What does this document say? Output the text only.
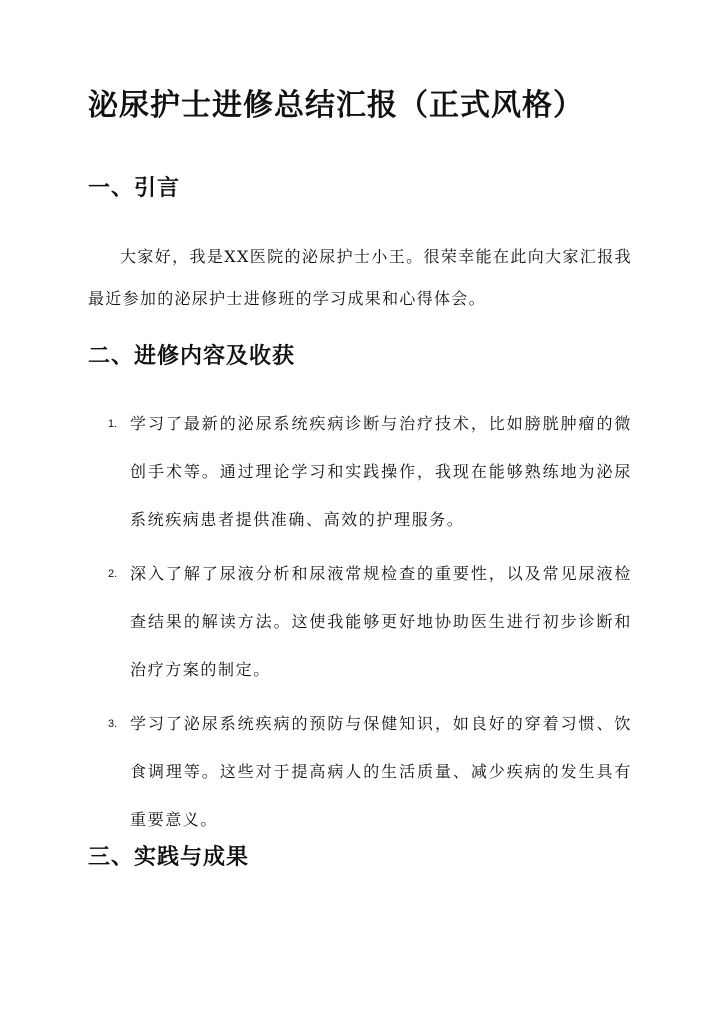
泌尿护士进修总结汇报（正式风格）
一、引言

大家好，我是XX医院的泌尿护士小王。很荣幸能在此向大家汇报我最近参加的泌尿护士进修班的学习成果和心得体会。

二、进修内容及收获
1. 学习了最新的泌尿系统疾病诊断与治疗技术，比如膀胱肿瘤的微创手术等。通过理论学习和实践操作，我现在能够熟练地为泌尿系统疾病患者提供准确、高效的护理服务。
2. 深入了解了尿液分析和尿液常规检查的重要性，以及常见尿液检查结果的解读方法。这使我能够更好地协助医生进行初步诊断和治疗方案的制定。
3. 学习了泌尿系统疾病的预防与保健知识，如良好的穿着习惯、饮食调理等。这些对于提高病人的生活质量、减少疾病的发生具有重要意义。
三、实践与成果
